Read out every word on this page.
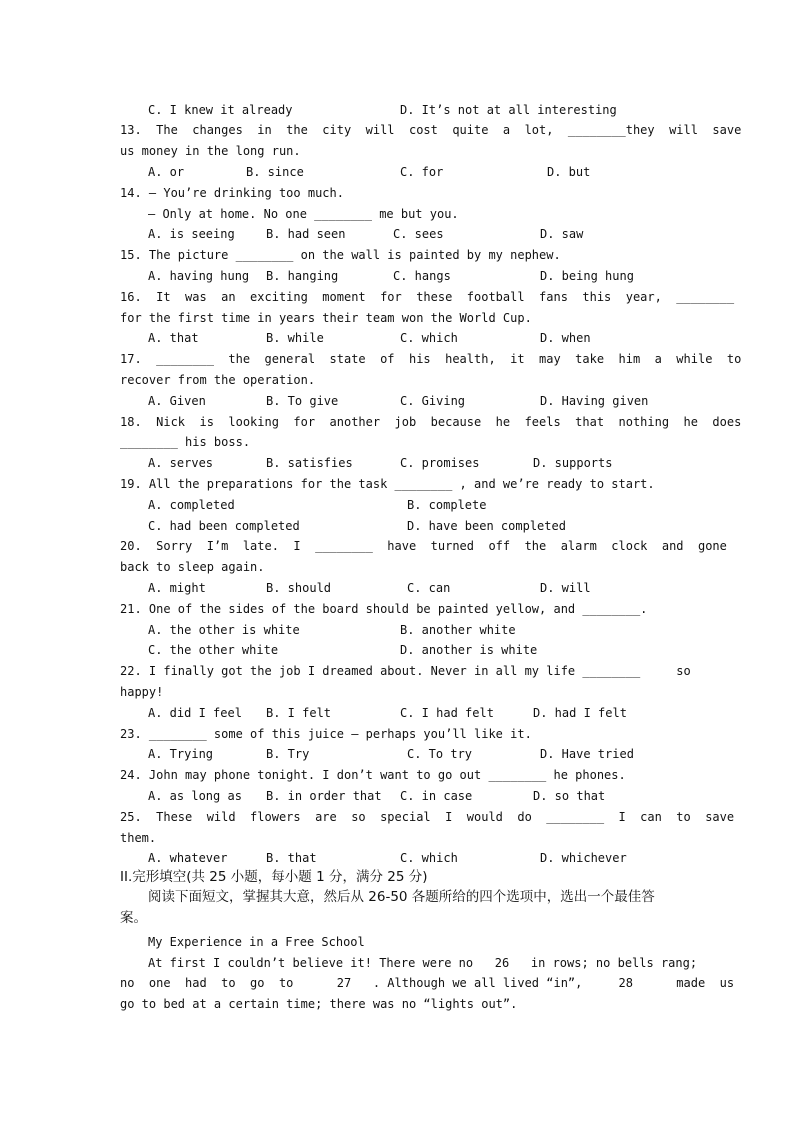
C. I knew it already	D. It’s not at all interesting
13.  The  changes  in  the  city  will  cost  quite  a  lot,  ________they  will  save
us money in the long run.
A. or	B. since	C. for	D. but
14. – You’re drinking too much.
– Only at home. No one ________ me but you.
A. is seeing	B. had seen	C. sees	D. saw
15. The picture ________ on the wall is painted by my nephew.
A. having hung B. hanging	C. hangs	D. being hung
16.  It  was  an  exciting  moment  for  these  football  fans  this  year,  ________
for the first time in years their team won the World Cup.
A. that	B. while	C. which	D. when
17.  ________  the  general  state  of  his  health,  it  may  take  him  a  while  to
recover from the operation.
A. Given	B. To give	C. Giving	D. Having given
18.  Nick  is  looking  for  another  job  because  he  feels  that  nothing  he  does
________ his boss.
A. serves	B. satisfies	C. promises	D. supports
19. All the preparations for the task ________ , and we’re ready to start.
A. completed	B. complete
C. had been completed	D. have been completed
20.  Sorry  I’m  late.  I  ________  have  turned  off  the  alarm  clock  and  gone
back to sleep again.
A. might	B. should	C. can	D. will
21. One of the sides of the board should be painted yellow, and ________.
A. the other is white	B. another white
C. the other white	D. another is white
22. I finally got the job I dreamed about. Never in all my life ________     so
happy!
A. did I feel B. I felt	C. I had felt	D. had I felt
23. ________ some of this juice – perhaps you’ll like it.
A. Trying	B. Try	C. To try	D. Have tried
24. John may phone tonight. I don’t want to go out ________ he phones.
A. as long as B. in order that C. in case	D. so that
25.  These  wild  flowers  are  so  special  I  would  do  ________  I  can  to  save
them.
A. whatever	B. that	C. which	D. whichever
II.完形填空(共 25 小题，每小题 1 分，满分 25 分)
阅读下面短文，掌握其大意，然后从 26-50 各题所给的四个选项中，选出一个最佳答
案。
My Experience in a Free School
At first I couldn’t believe it! There were no   26   in rows; no bells rang;
no  one  had  to  go  to      27   . Although we all lived “in”,     28      made  us
go to bed at a certain time; there was no “lights out”.
